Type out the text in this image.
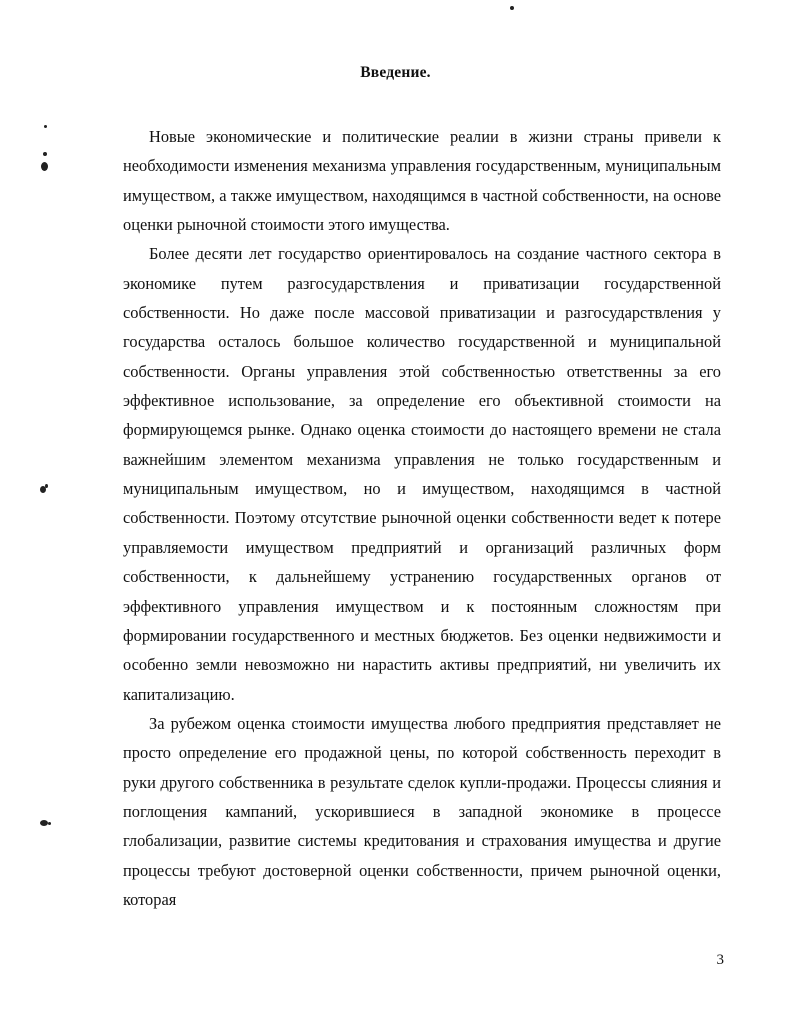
Введение.

Новые экономические и политические реалии в жизни страны привели к необходимости изменения механизма управления государственным, муниципальным имуществом, а также имуществом, находящимся в частной собственности, на основе оценки рыночной стоимости этого имущества.

Более десяти лет государство ориентировалось на создание частного сектора в экономике путем разгосударствления и приватизации государственной собственности. Но даже после массовой приватизации и разгосударствления у государства осталось большое количество государственной и муниципальной собственности. Органы управления этой собственностью ответственны за его эффективное использование, за определение его объективной стоимости на формирующемся рынке. Однако оценка стоимости до настоящего времени не стала важнейшим элементом механизма управления не только государственным и муниципальным имуществом, но и имуществом, находящимся в частной собственности. Поэтому отсутствие рыночной оценки собственности ведет к потере управляемости имуществом предприятий и организаций различных форм собственности, к дальнейшему устранению государственных органов от эффективного управления имуществом и к постоянным сложностям при формировании государственного и местных бюджетов. Без оценки недвижимости и особенно земли невозможно ни нарастить активы предприятий, ни увеличить их капитализацию.

За рубежом оценка стоимости имущества любого предприятия представляет не просто определение его продажной цены, по которой собственность переходит в руки другого собственника в результате сделок купли-продажи. Процессы слияния и поглощения кампаний, ускорившиеся в западной экономике в процессе глобализации, развитие системы кредитования и страхования имущества и другие процессы требуют достоверной оценки собственности, причем рыночной оценки, которая

3
